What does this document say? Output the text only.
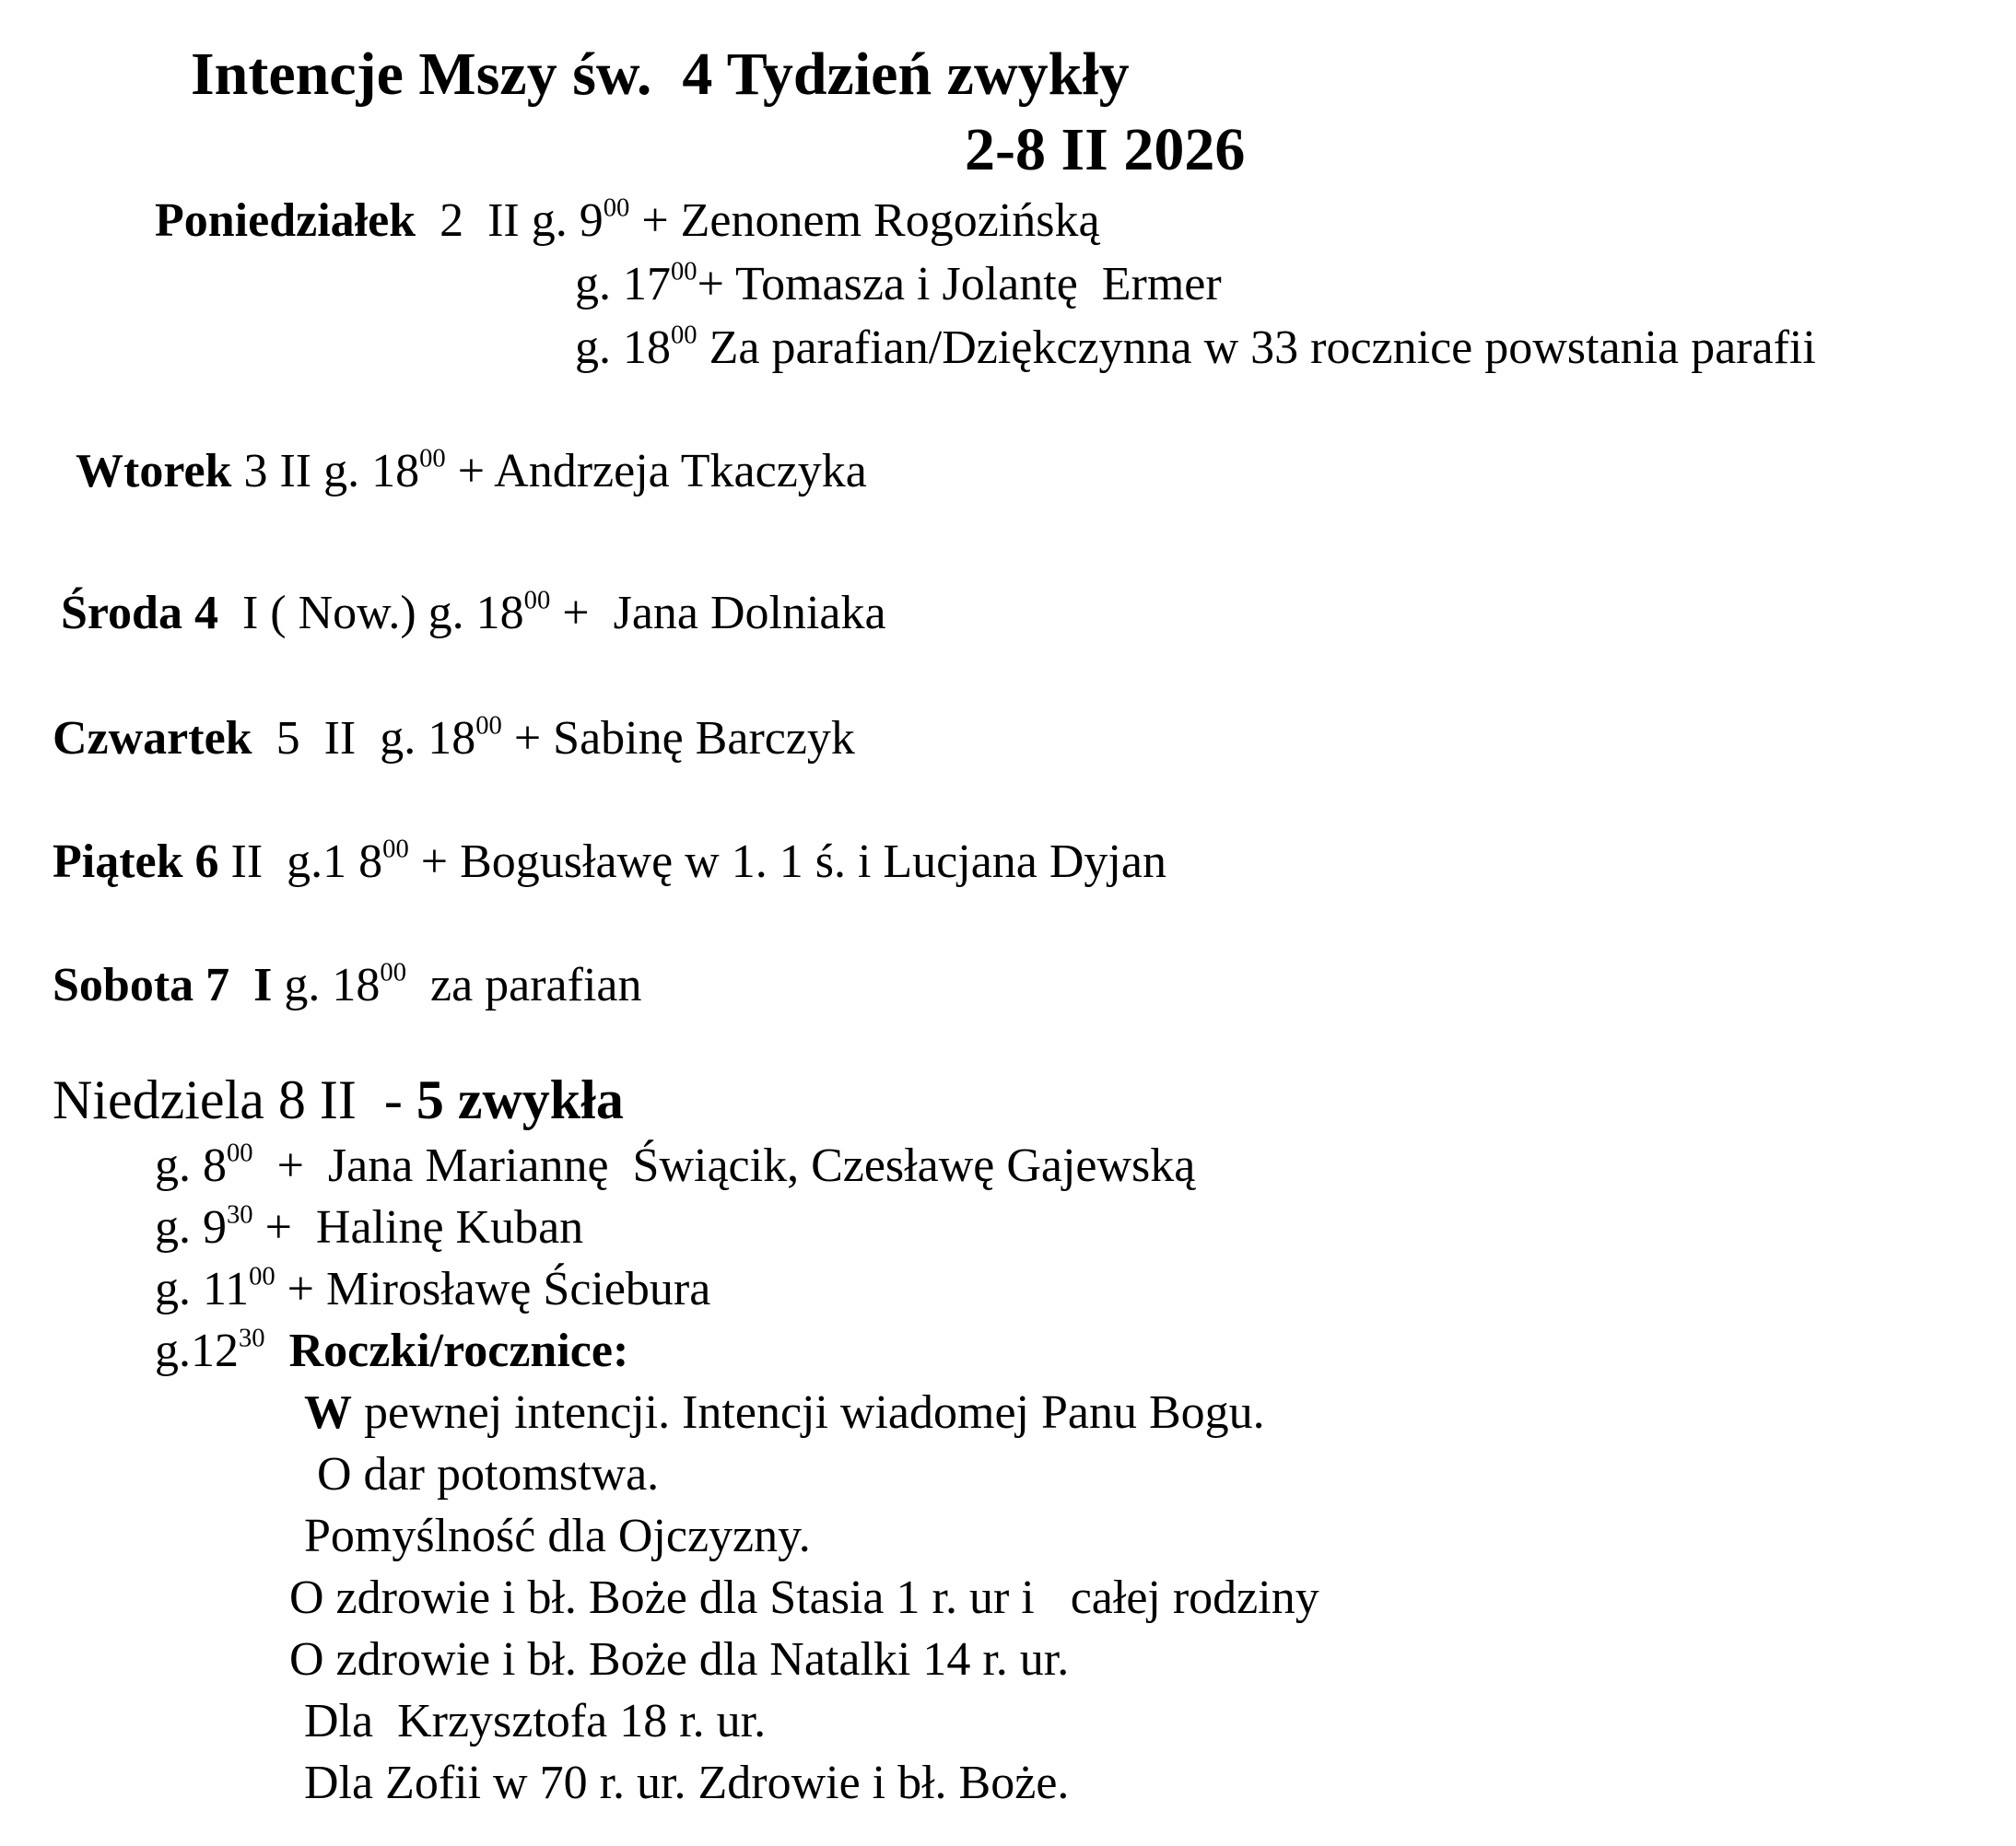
Intencje Mszy św.  4 Tydzień zwykły
2-8 II 2026
Poniedziałek  2  II g. $9^{00}$ + Zenonem Rogozińską
g. $17^{00}+$ Tomasza i Jolantę  Ermer
g. $18^{00}$ Za parafian/Dziękczynna w 33 rocznice powstania parafii
Wtorek 3 II g. $18^{00}$ + Andrzeja Tkaczyka
Środa 4  I ( Now.) g. $18^{00}$ +  Jana Dolniaka
Czwartek  5  II  g. $18^{00}$ + Sabinę Barczyk
Piątek 6 II  g.1 $8^{00}$ + Bogusławę w 1. 1 ś. i Lucjana Dyjan
Sobota 7  I g. $18^{00}$  za parafian
Niedziela 8 II  - 5 zwykła
g. $8^{00}$  +  Jana Mariannę  Świącik, Czesławę Gajewską
g. $9^{30}$ +  Halinę Kuban
g. $11^{00}$ + Mirosławę Ściebura
$g.12^{30}$  Roczki/rocznice:
W pewnej intencji. Intencji wiadomej Panu Bogu.
O dar potomstwa.
Pomyślność dla Ojczyzny.
O zdrowie i bł. Boże dla Stasia 1 r. ur i   całej rodziny
O zdrowie i bł. Boże dla Natalki 14 r. ur.
Dla  Krzysztofa 18 r. ur.
Dla Zofii w 70 r. ur. Zdrowie i bł. Boże.
